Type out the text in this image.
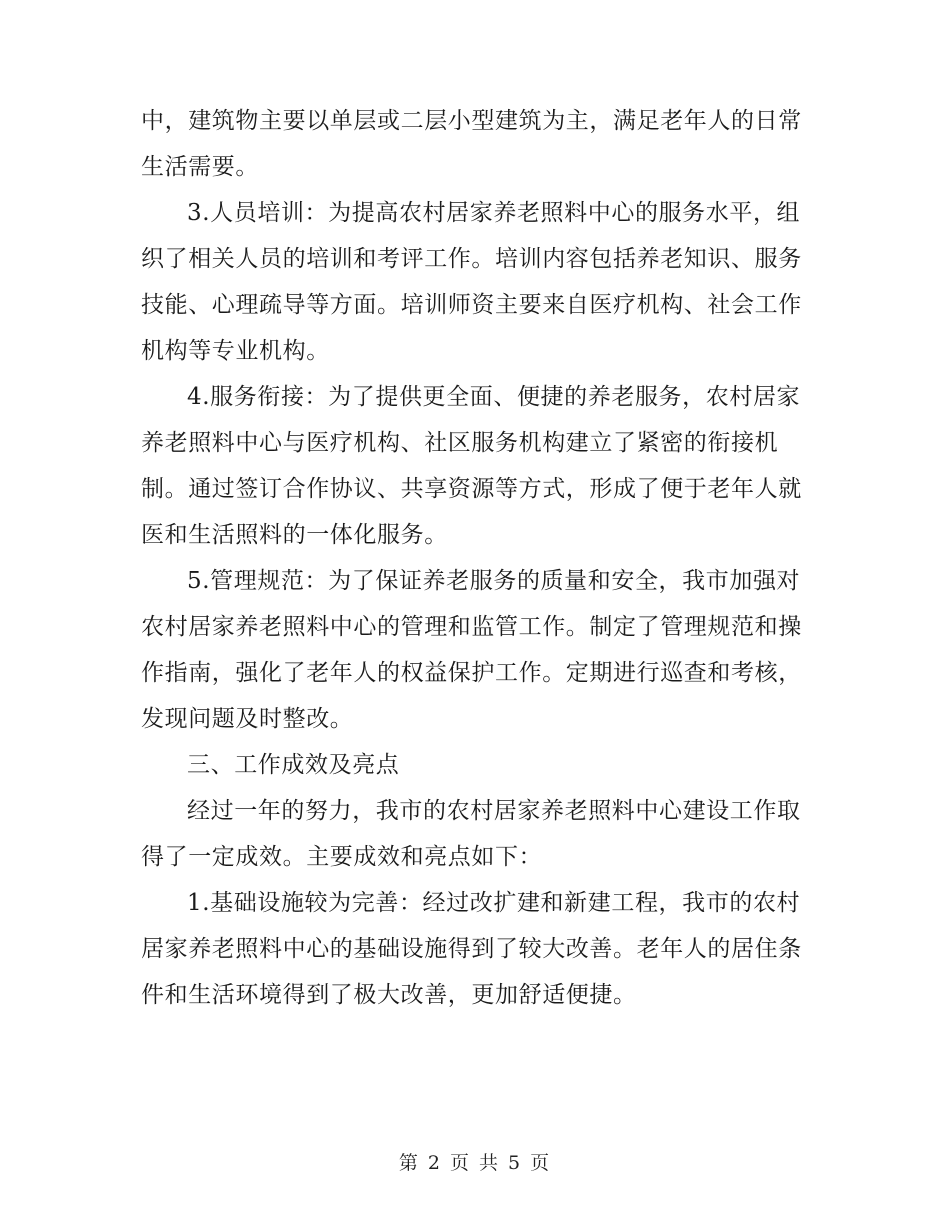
中，建筑物主要以单层或二层小型建筑为主，满足老年人的日常
生活需要。

3.人员培训：为提高农村居家养老照料中心的服务水平，组
织了相关人员的培训和考评工作。培训内容包括养老知识、服务
技能、心理疏导等方面。培训师资主要来自医疗机构、社会工作
机构等专业机构。

4.服务衔接：为了提供更全面、便捷的养老服务，农村居家
养老照料中心与医疗机构、社区服务机构建立了紧密的衔接机
制。通过签订合作协议、共享资源等方式，形成了便于老年人就
医和生活照料的一体化服务。

5.管理规范：为了保证养老服务的质量和安全，我市加强对
农村居家养老照料中心的管理和监管工作。制定了管理规范和操
作指南，强化了老年人的权益保护工作。定期进行巡查和考核，
发现问题及时整改。

三、工作成效及亮点

经过一年的努力，我市的农村居家养老照料中心建设工作取
得了一定成效。主要成效和亮点如下：

1.基础设施较为完善：经过改扩建和新建工程，我市的农村
居家养老照料中心的基础设施得到了较大改善。老年人的居住条
件和生活环境得到了极大改善，更加舒适便捷。

第 2 页 共 5 页
